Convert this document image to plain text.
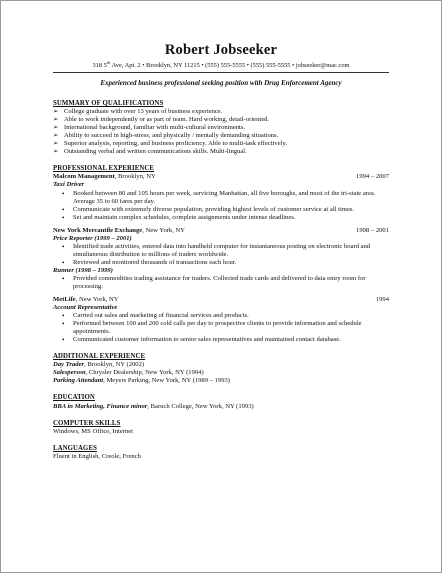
Robert Jobseeker
318 5th Ave, Apt. 2 • Brooklyn, NY 11215 • (555) 555-5555 • (555) 555-5555 • jobseeker@mac.com
Experienced business professional seeking position with Drug Enforcement Agency
SUMMARY OF QUALIFICATIONS
➢ College graduate with over 13 years of business experience.
➢ Able to work independently or as part of team. Hard working, detail-oriented.
➢ International background, familiar with multi-cultural environments.
➢ Ability to succeed in high-stress, and physically / mentally demanding situations.
➢ Superior analysis, reporting, and business proficiency. Able to multi-task effectively.
➢ Outstanding verbal and written communications skills. Multi-lingual.
PROFESSIONAL EXPERIENCE
Malcom Management, Brooklyn, NY	1994 – 2007
Taxi Driver
• Booked between 80 and 105 hours per week, servicing Manhattan, all five boroughs, and most of the tri-state area. Average 35 to 60 fares per day.
• Communicate with extremely diverse population, providing highest levels of customer service at all times.
• Set and maintain complex schedules, complete assignments under intense deadlines.
New York Mercantile Exchange, New York, NY	1998 – 2001
Price Reporter (1999 – 2001)
• Identified trade activities, entered data into handheld computer for instantaneous posting on electronic board and simultaneous distribution to millions of traders worldwide.
• Reviewed and monitored thousands of transactions each hour.
Runner (1998 – 1999)
• Provided commodities trading assistance for traders. Collected trade cards and delivered to data entry room for processing.
MetLife, New York, NY	1994
Account Representative
• Carried out sales and marketing of financial services and products.
• Performed between 100 and 200 cold calls per day to prospective clients to provide information and schedule appointments.
• Communicated customer information to senior sales representatives and maintained contact database.
ADDITIONAL EXPERIENCE
Day Trader, Brooklyn, NY (2002)
Salesperson, Chrysler Dealership, New York, NY (1994)
Parking Attendant, Meyers Parking, New York, NY (1989 – 1993)
EDUCATION
BBA in Marketing, Finance minor, Baruch College, New York, NY (1993)
COMPUTER SKILLS
Windows, MS Office, Internet
LANGUAGES
Fluent in English, Creole, French
